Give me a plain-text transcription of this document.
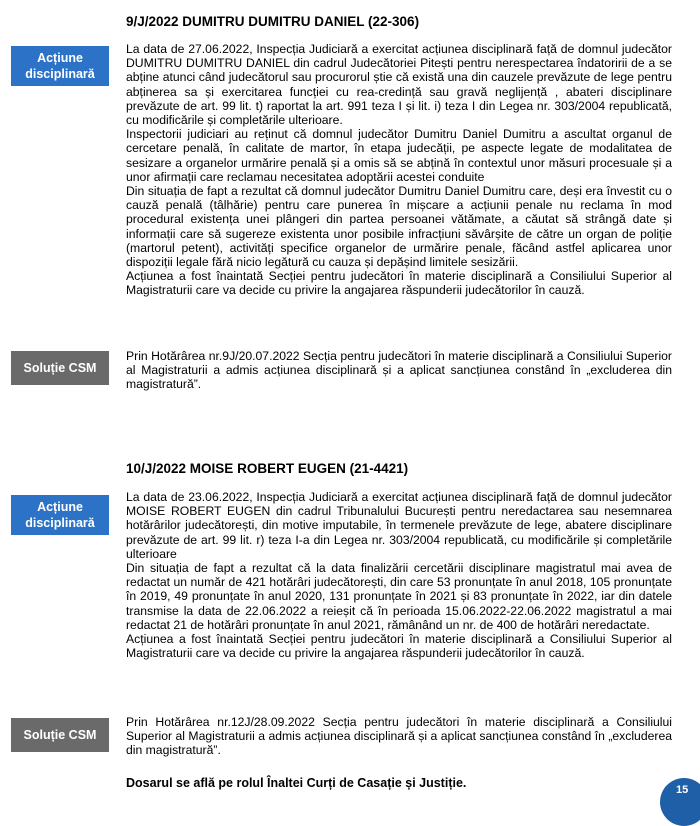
9/J/2022 DUMITRU DUMITRU DANIEL (22-306)
Acțiune disciplinară

La data de 27.06.2022, Inspecția Judiciară a exercitat acțiunea disciplinară față de domnul judecător DUMITRU DUMITRU DANIEL din cadrul Judecătoriei Pitești pentru nerespectarea îndatoririi de a se abține atunci când judecătorul sau procurorul știe că există una din cauzele prevăzute de lege pentru abținerea sa și exercitarea funcției cu rea-credință sau gravă neglijență , abateri disciplinare prevăzute de art. 99 lit. t) raportat la art. 991 teza I și lit. i) teza I din Legea nr. 303/2004 republicată, cu modificările și completările ulterioare.

Inspectorii judiciari au reținut că domnul judecător Dumitru Daniel Dumitru a ascultat organul de cercetare penală, în calitate de martor, în etapa judecății, pe aspecte legate de modalitatea de sesizare a organelor urmărire penală și a omis să se abțină în contextul unor măsuri procesuale și a unor afirmații care reclamau necesitatea adoptării acestei conduite

Din situația de fapt a rezultat că domnul judecător Dumitru Daniel Dumitru care, deși era învestit cu o cauză penală (tâlhărie) pentru care punerea în mișcare a acțiunii penale nu reclama în mod procedural existența unei plângeri din partea persoanei vătămate, a căutat să strângă date și informații care să sugereze existenta unor posibile infracțiuni săvârșite de către un organ de poliție (martorul petent), activități specifice organelor de urmărire penale, făcând astfel aplicarea unor dispoziții legale fără nicio legătură cu cauza și depășind limitele sesizării.

Acțiunea a fost înaintată Secției pentru judecători în materie disciplinară a Consiliului Superior al Magistraturii care va decide cu privire la angajarea răspunderii judecătorilor în cauză.

Soluție CSM

Prin Hotărârea nr.9J/20.07.2022 Secția pentru judecători în materie disciplinară a Consiliului Superior al Magistraturii a admis acțiunea disciplinară și a aplicat sancțiunea constând în „excluderea din magistratură”.

10/J/2022 MOISE ROBERT EUGEN (21-4421)
Acțiune disciplinară

La data de 23.06.2022, Inspecția Judiciară a exercitat acțiunea disciplinară față de domnul judecător MOISE ROBERT EUGEN din cadrul Tribunalului București pentru neredactarea sau nesemnarea hotărârilor judecătorești, din motive imputabile, în termenele prevăzute de lege, abatere disciplinare prevăzute de art. 99 lit. r) teza I-a din Legea nr. 303/2004 republicată, cu modificările și completările ulterioare

Din situația de fapt a rezultat că la data finalizării cercetării disciplinare magistratul mai avea de redactat un număr de 421 hotărâri judecătorești, din care 53 pronunțate în anul 2018, 105 pronunțate în 2019, 49 pronunțate în anul 2020, 131 pronunțate în 2021 și 83 pronunțate în 2022, iar din datele transmise la data de 22.06.2022 a reieșit că în perioada 15.06.2022-22.06.2022 magistratul a mai redactat 21 de hotărâri pronunțate în anul 2021, rămânând un nr. de 400 de hotărâri neredactate.

Acțiunea a fost înaintată Secției pentru judecători în materie disciplinară a Consiliului Superior al Magistraturii care va decide cu privire la angajarea răspunderii judecătorilor în cauză.

Soluție CSM

Prin Hotărârea nr.12J/28.09.2022 Secția pentru judecători în materie disciplinară a Consiliului Superior al Magistraturii a admis acțiunea disciplinară și a aplicat sancțiunea constând în „excluderea din magistratură”.

Dosarul se află pe rolul Înaltei Curți de Casație și Justiție.	15
